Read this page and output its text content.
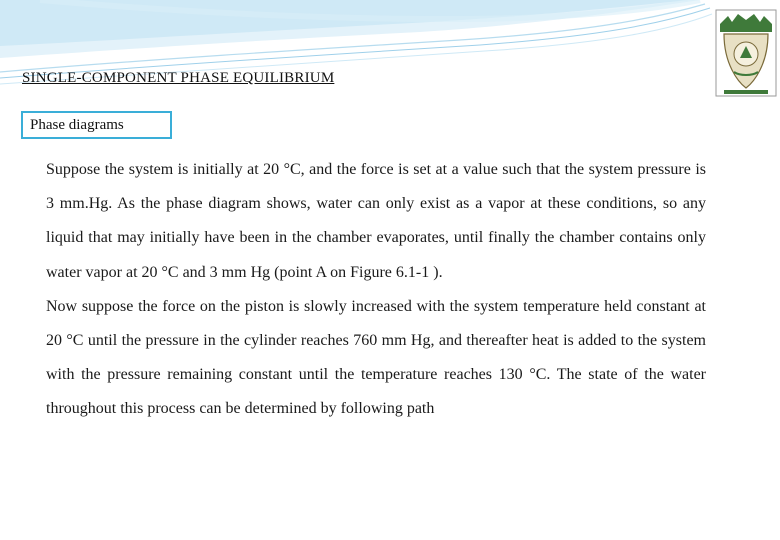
SINGLE-COMPONENT PHASE EQUILIBRIUM
Phase diagrams

Suppose the system is initially at 20 °C, and the force is set at a value such that the system pressure is 3 mm.Hg. As the phase diagram shows, water can only exist as a vapor at these conditions, so any liquid that may initially have been in the chamber evaporates, until finally the chamber contains only water vapor at 20 °C and 3 mm Hg (point A on Figure 6.1-1 ).

Now suppose the force on the piston is slowly increased with the system temperature held constant at 20 °C until the pressure in the cylinder reaches 760 mm Hg, and thereafter heat is added to the system with the pressure remaining constant until the temperature reaches 130 °C. The state of the water throughout this process can be determined by following path
